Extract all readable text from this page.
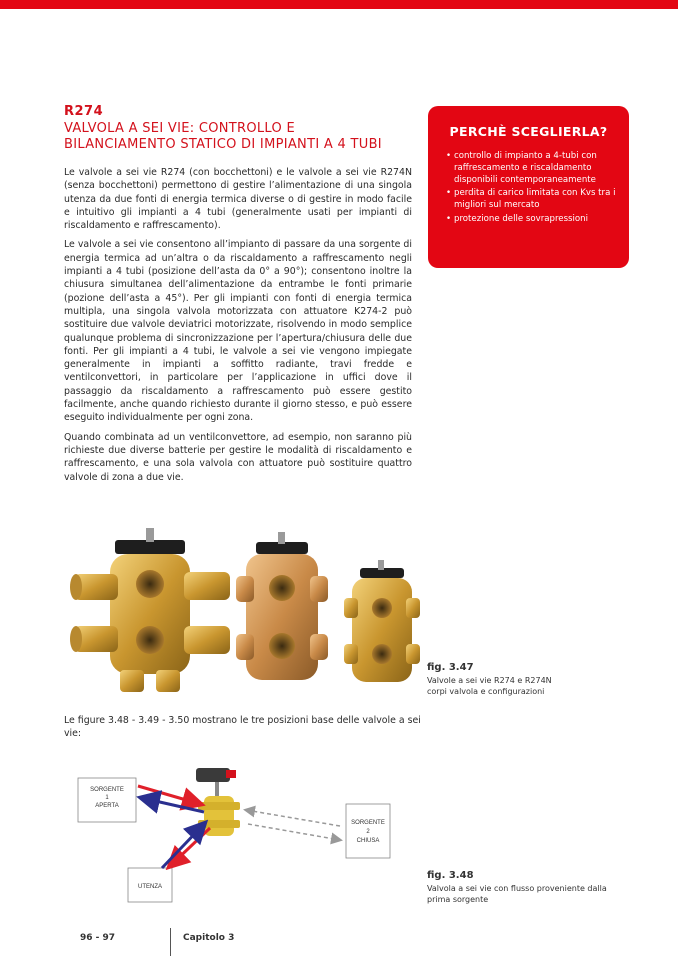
R274
VALVOLA A SEI VIE: CONTROLLO E
BILANCIAMENTO STATICO DI IMPIANTI A 4 TUBI

Le valvole a sei vie R274 (con bocchettoni) e le valvole a sei vie R274N (senza bocchettoni) permettono di gestire l’alimentazione di una singola utenza da due fonti di energia termica diverse o di gestire in modo facile e intuitivo gli impianti a 4 tubi (generalmente usati per impianti di riscaldamento e raffrescamento).

Le valvole a sei vie consentono all’impianto di passare da una sorgente di energia termica ad un’altra o da riscaldamento a raffrescamento negli impianti a 4 tubi (posizione dell’asta da 0° a 90°); consentono inoltre la chiusura simultanea dell’alimentazione da entrambe le fonti primarie (pozione dell’asta a 45°). Per gli impianti con fonti di energia termica multipla, una singola valvola motorizzata con attuatore K274-2 può sostituire due valvole deviatrici motorizzate, risolvendo in modo semplice qualunque problema di sincronizzazione per l’apertura/chiusura delle due fonti. Per gli impianti a 4 tubi, le valvole a sei vie vengono impiegate generalmente in impianti a soffitto radiante, travi fredde e ventilconvettori, in particolare per l’applicazione in uffici dove il passaggio da riscaldamento a raffrescamento può essere gestito facilmente, anche quando richiesto durante il giorno stesso, e può essere eseguito individualmente per ogni zona.

Quando combinata ad un ventilconvettore, ad esempio, non saranno più richieste due diverse batterie per gestire le modalità di riscaldamento e raffrescamento, e una sola valvola con attuatore può sostituire quattro valvole di zona a due vie.

PERCHÈ SCEGLIERLA?
• controllo di impianto a 4-tubi con raffrescamento e riscaldamento disponibili contemporaneamente
• perdita di carico limitata con Kvs tra i migliori sul mercato
• protezione delle sovrapressioni
fig. 3.47
Valvole a sei vie R274 e R274N
corpi valvola e configurazioni
Le figure 3.48 - 3.49 - 3.50 mostrano le tre posizioni base delle valvole a sei vie:
SORGENTE
1
APERTA
SORGENTE
2
CHIUSA
UTENZA
fig. 3.48
Valvola a sei vie con flusso proveniente dalla
prima sorgente
96 - 97	Capitolo 3
